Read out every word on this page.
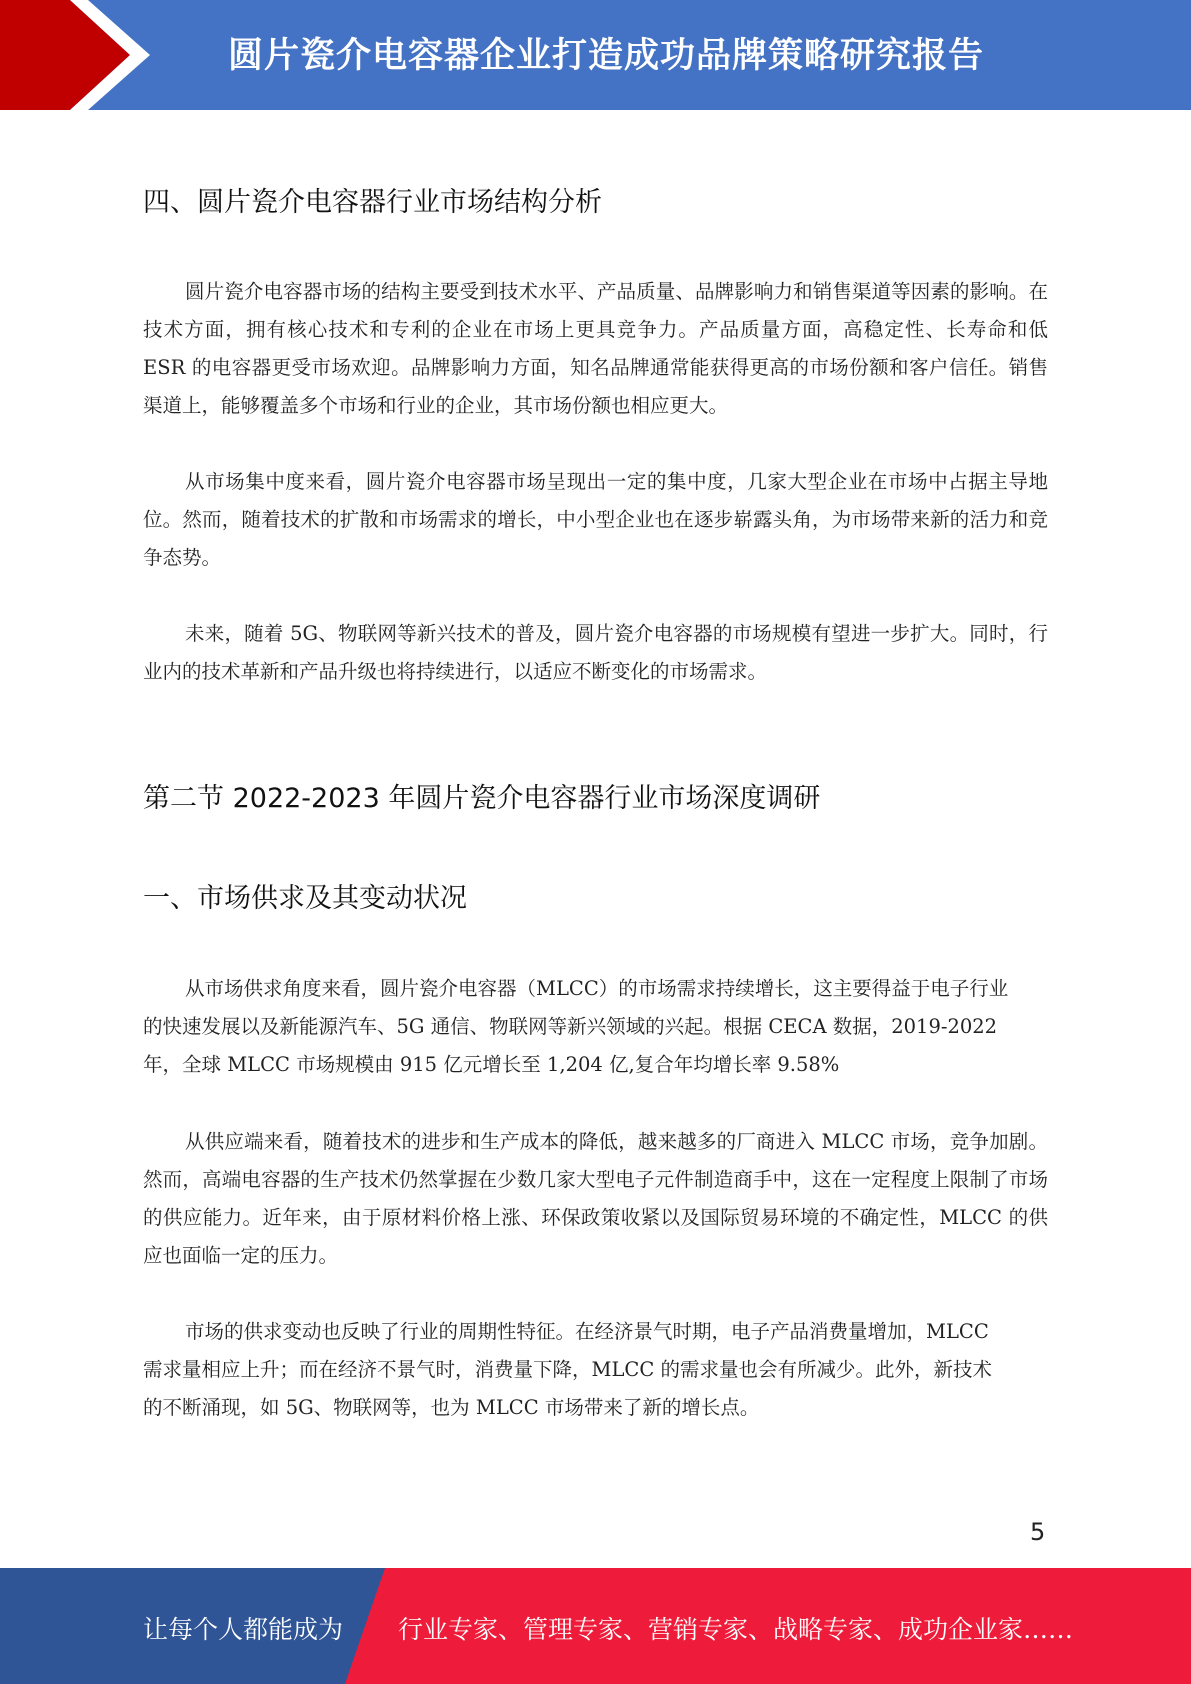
圆片瓷介电容器企业打造成功品牌策略研究报告
四、圆片瓷介电容器行业市场结构分析

圆片瓷介电容器市场的结构主要受到技术水平、产品质量、品牌影响力和销售渠道等因素的影响。在技术方面，拥有核心技术和专利的企业在市场上更具竞争力。产品质量方面，高稳定性、长寿命和低 ESR 的电容器更受市场欢迎。品牌影响力方面，知名品牌通常能获得更高的市场份额和客户信任。销售渠道上，能够覆盖多个市场和行业的企业，其市场份额也相应更大。

从市场集中度来看，圆片瓷介电容器市场呈现出一定的集中度，几家大型企业在市场中占据主导地位。然而，随着技术的扩散和市场需求的增长，中小型企业也在逐步崭露头角，为市场带来新的活力和竞争态势。

未来，随着 5G、物联网等新兴技术的普及，圆片瓷介电容器的市场规模有望进一步扩大。同时，行业内的技术革新和产品升级也将持续进行，以适应不断变化的市场需求。

第二节 2022-2023 年圆片瓷介电容器行业市场深度调研
一、市场供求及其变动状况
从市场供求角度来看，圆片瓷介电容器（MLCC）的市场需求持续增长，这主要得益于电子行业
的快速发展以及新能源汽车、5G 通信、物联网等新兴领域的兴起。根据 CECA 数据，2019-2022
年，全球 MLCC 市场规模由 915 亿元增长至 1,204 亿,复合年均增长率 9.58%

从供应端来看，随着技术的进步和生产成本的降低，越来越多的厂商进入 MLCC 市场，竞争加剧。然而，高端电容器的生产技术仍然掌握在少数几家大型电子元件制造商手中，这在一定程度上限制了市场的供应能力。近年来，由于原材料价格上涨、环保政策收紧以及国际贸易环境的不确定性，MLCC 的供应也面临一定的压力。

市场的供求变动也反映了行业的周期性特征。在经济景气时期，电子产品消费量增加，MLCC
需求量相应上升；而在经济不景气时，消费量下降，MLCC 的需求量也会有所减少。此外，新技术
的不断涌现，如 5G、物联网等，也为 MLCC 市场带来了新的增长点。
5
让每个人都能成为 行业专家、管理专家、营销专家、战略专家、成功企业家……
